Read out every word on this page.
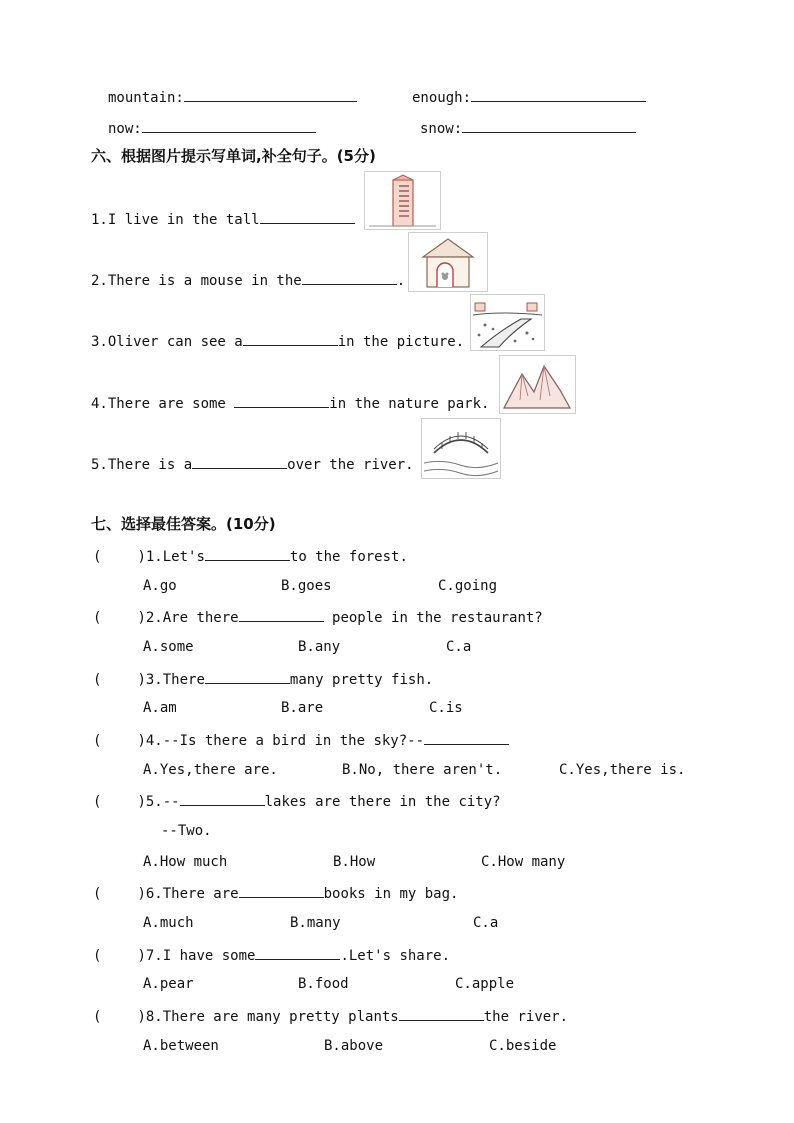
mountain:	enough:
now:	snow:
六、根据图片提示写单词,补全句子。(5分)
1.I live in the tall
2.There is a mouse in the	.
3.Oliver can see a	in the picture.
4.There are some	in the nature park.
5.There is a	over the river.
七、选择最佳答案。(10分)
(	)1.Let's	to the forest.
A.go	B.goes	C.going
(	)2.Are there	people in the restaurant?
A.some	B.any	C.a
(	)3.There	many pretty fish.
A.am	B.are	C.is
(	)4.--Is there a bird in the sky?--
A.Yes,there are.	B.No, there aren't.	C.Yes,there is.
(	)5.--	lakes are there in the city?
--Two.
A.How much	B.How	C.How many
(	)6.There are	books in my bag.
A.much	B.many	C.a
(	)7.I have some	.Let's share.
A.pear	B.food	C.apple
(	)8.There are many pretty plants	the river.
A.between	B.above	C.beside
